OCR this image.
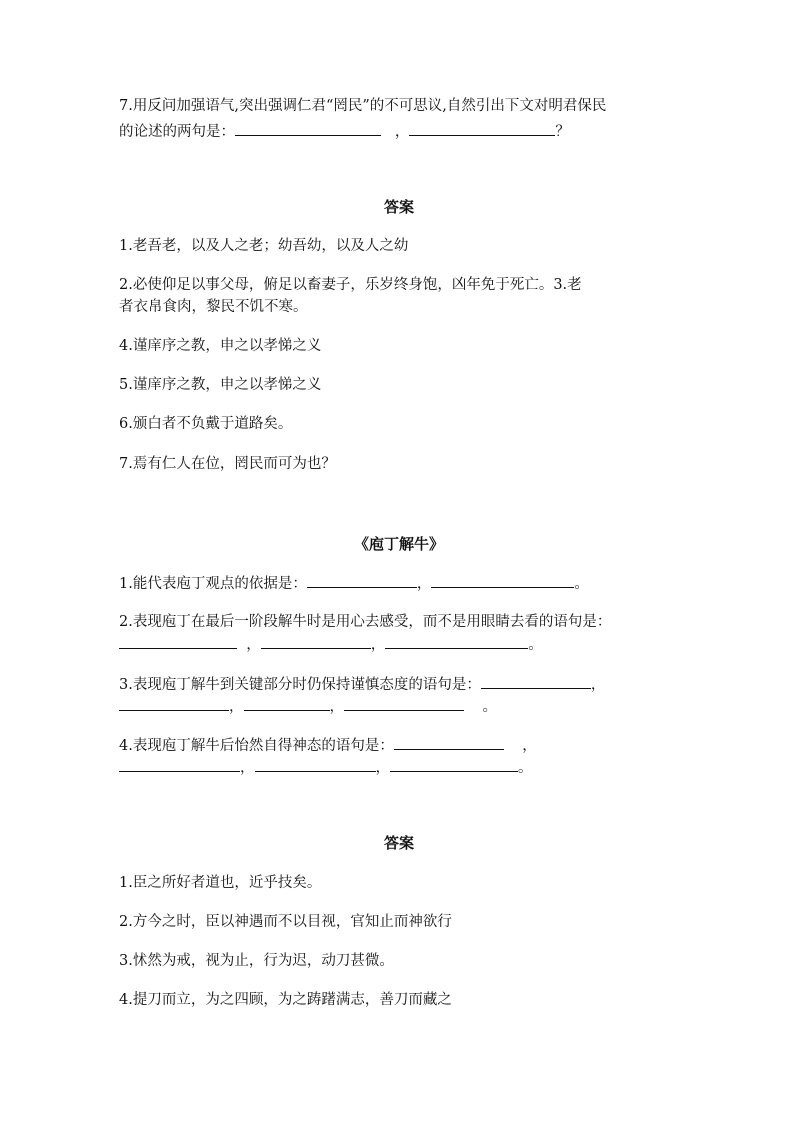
7.用反问加强语气,突出强调仁君“罔民”的不可思议,自然引出下文对明君保民
的论述的两句是：	，	？
答案
1.老吾老，以及人之老；幼吾幼，以及人之幼
2.必使仰足以事父母，俯足以畜妻子，乐岁终身饱，凶年免于死亡。3.老
者衣帛食肉，黎民不饥不寒。
4.谨庠序之教，申之以孝悌之义
5.谨庠序之教，申之以孝悌之义
6.颁白者不负戴于道路矣。
7.焉有仁人在位，罔民而可为也？
《庖丁解牛》
1.能代表庖丁观点的依据是：	，	。
2.表现庖丁在最后一阶段解牛时是用心去感受，而不是用眼睛去看的语句是：
，	，	。
3.表现庖丁解牛到关键部分时仍保持谨慎态度的语句是：	，
，	，	。
4.表现庖丁解牛后怡然自得神态的语句是：	，
，	，	。
答案
1.臣之所好者道也，近乎技矣。
2.方今之时，臣以神遇而不以目视，官知止而神欲行
3.怵然为戒，视为止，行为迟，动刀甚微。
4.提刀而立，为之四顾，为之踌躇满志，善刀而藏之
